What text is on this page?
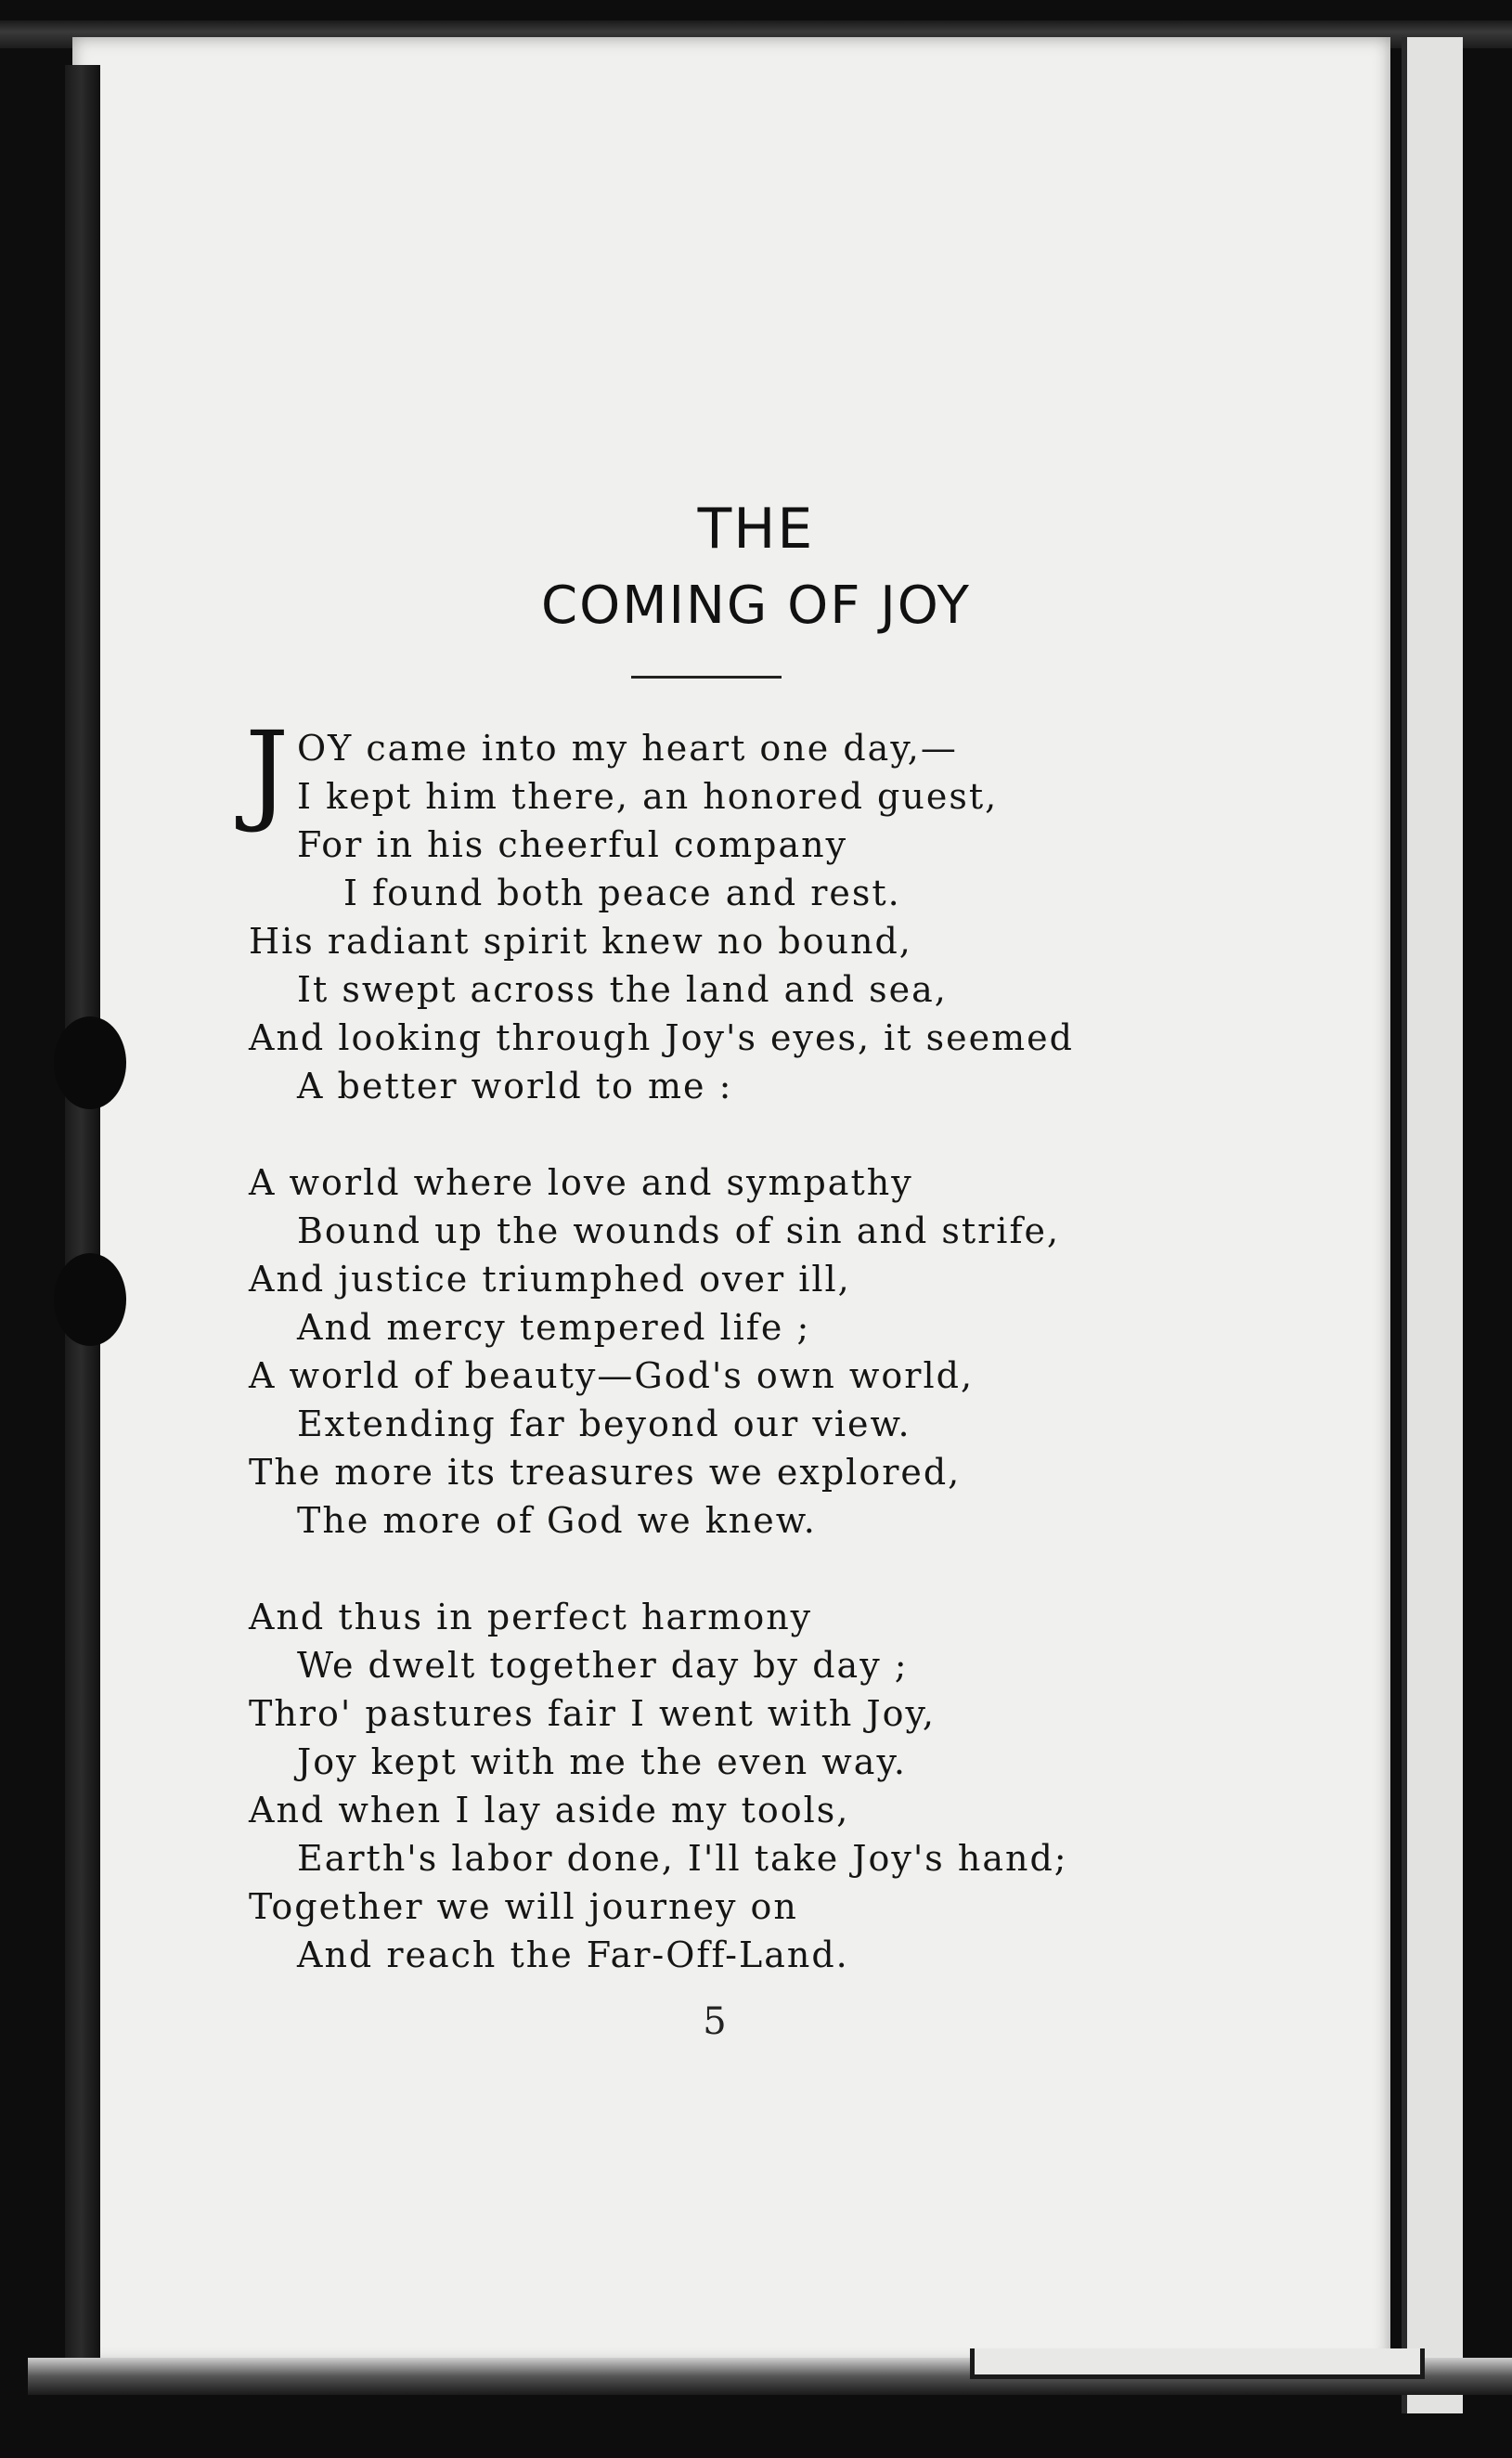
THE
COMING OF JOY
J OY came into my heart one day,—
I kept him there, an honored guest,
For in his cheerful company
I found both peace and rest.
His radiant spirit knew no bound,
It swept across the land and sea,
And looking through Joy's eyes, it seemed
A better world to me :
A world where love and sympathy
Bound up the wounds of sin and strife,
And justice triumphed over ill,
And mercy tempered life ;
A world of beauty—God's own world,
Extending far beyond our view.
The more its treasures we explored,
The more of God we knew.
And thus in perfect harmony
We dwelt together day by day ;
Thro' pastures fair I went with Joy,
Joy kept with me the even way.
And when I lay aside my tools,
Earth's labor done, I'll take Joy's hand;
Together we will journey on
And reach the Far-Off-Land.
5
